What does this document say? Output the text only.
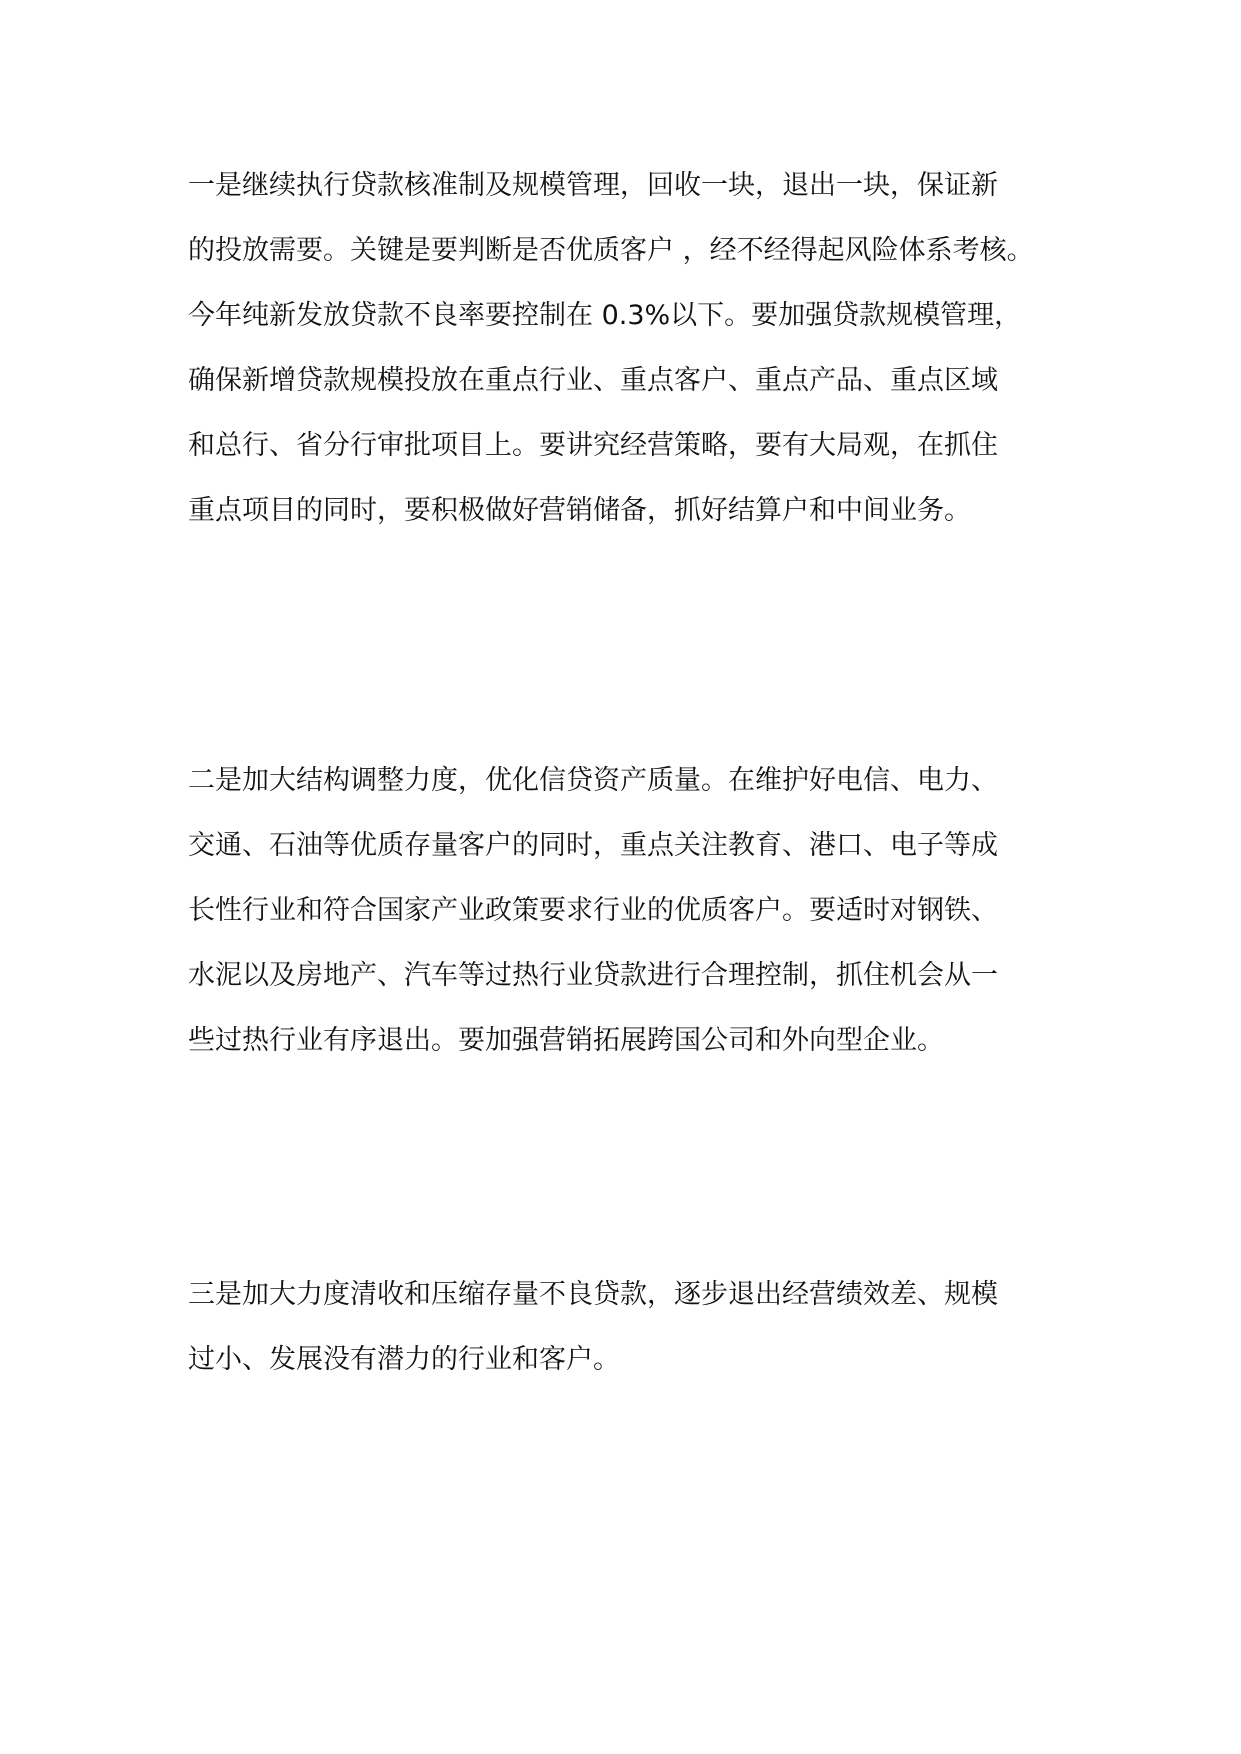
一是继续执行贷款核准制及规模管理，回收一块，退出一块，保证新
的投放需要。关键是要判断是否优质客户 ，经不经得起风险体系考核。
今年纯新发放贷款不良率要控制在 0.3%以下。要加强贷款规模管理，
确保新增贷款规模投放在重点行业、重点客户、重点产品、重点区域
和总行、省分行审批项目上。要讲究经营策略，要有大局观，在抓住
重点项目的同时，要积极做好营销储备，抓好结算户和中间业务。
二是加大结构调整力度，优化信贷资产质量。在维护好电信、电力、
交通、石油等优质存量客户的同时，重点关注教育、港口、电子等成
长性行业和符合国家产业政策要求行业的优质客户。要适时对钢铁、
水泥以及房地产、汽车等过热行业贷款进行合理控制，抓住机会从一
些过热行业有序退出。要加强营销拓展跨国公司和外向型企业。
三是加大力度清收和压缩存量不良贷款，逐步退出经营绩效差、规模
过小、发展没有潜力的行业和客户。
